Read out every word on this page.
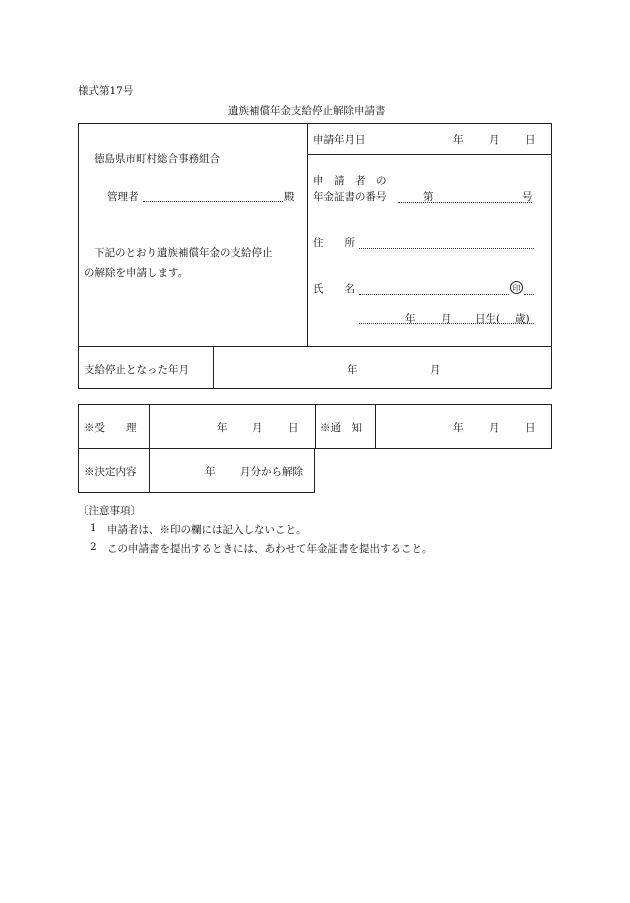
様式第17号
遺族補償年金支給停止解除申請書
徳島県市町村総合事務組合
管理者	殿
下記のとおり遺族補償年金の支給停止
の解除を申請します。
申請年月日	年 月 日
申　請　者　の
年金証書の番号	第	号
住　　所
氏　　名	印
年 月 日生( 歳)
支給停止となった年月	年	月
※受　　理	年 月 日 ※通　知	年 月 日
※決定内容	年 月分から解除
〔注意事項〕
1 申請者は、※印の欄には記入しないこと。
2 この申請書を提出するときには、あわせて年金証書を提出すること。
